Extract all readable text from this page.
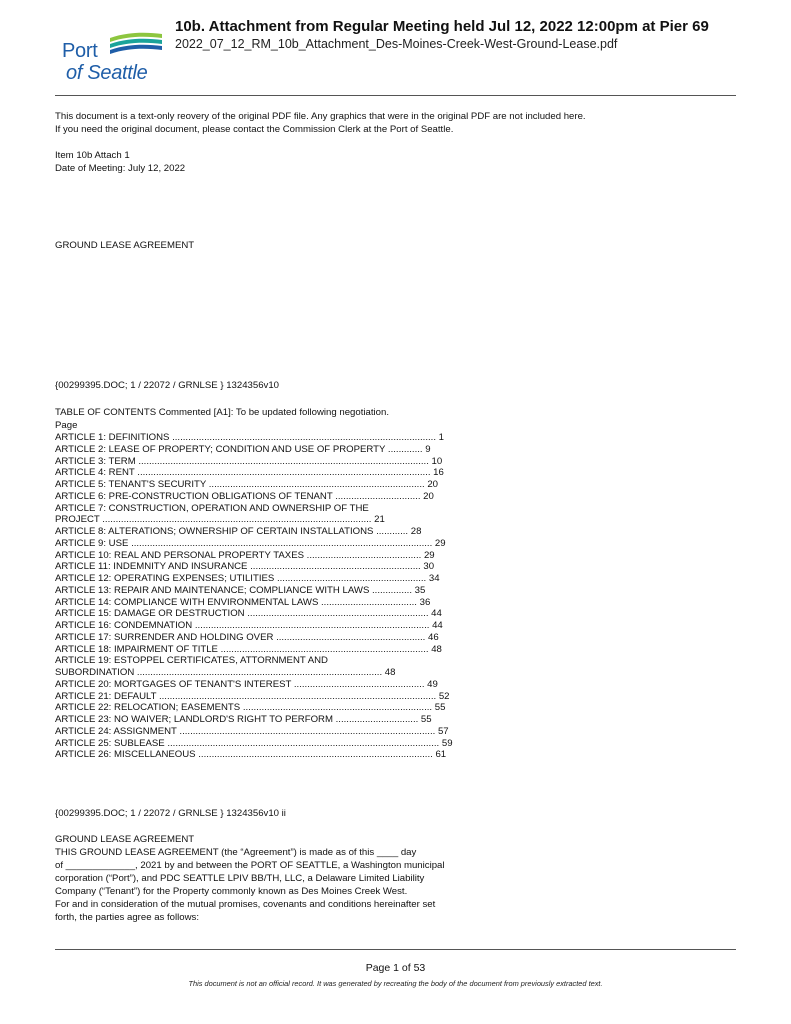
Port
of Seattle
10b. Attachment from Regular Meeting held Jul 12, 2022 12:00pm at Pier 69
2022_07_12_RM_10b_Attachment_Des-Moines-Creek-West-Ground-Lease.pdf
This document is a text-only reovery of the original PDF file. Any graphics that were in the original PDF are not included here.
If you need the original document, please contact the Commission Clerk at the Port of Seattle.
Item 10b Attach 1
Date of Meeting: July 12, 2022
GROUND LEASE AGREEMENT
{00299395.DOC; 1 / 22072 / GRNLSE } 1324356v10
TABLE OF CONTENTS Commented [A1]: To be updated following negotiation.
Page
ARTICLE 1: DEFINITIONS ................................................................................................... 1
ARTICLE 2: LEASE OF PROPERTY; CONDITION AND USE OF PROPERTY ............. 9
ARTICLE 3: TERM ............................................................................................................. 10
ARTICLE 4: RENT .............................................................................................................. 16
ARTICLE 5: TENANT'S SECURITY ................................................................................. 20
ARTICLE 6: PRE-CONSTRUCTION OBLIGATIONS OF TENANT ................................ 20
ARTICLE 7: CONSTRUCTION, OPERATION AND OWNERSHIP OF THE
PROJECT ..................................................................................................... 21
ARTICLE 8: ALTERATIONS; OWNERSHIP OF CERTAIN INSTALLATIONS ............ 28
ARTICLE 9: USE ................................................................................................................. 29
ARTICLE 10: REAL AND PERSONAL PROPERTY TAXES ........................................... 29
ARTICLE 11: INDEMNITY AND INSURANCE ................................................................ 30
ARTICLE 12: OPERATING EXPENSES; UTILITIES ........................................................ 34
ARTICLE 13: REPAIR AND MAINTENANCE; COMPLIANCE WITH LAWS ............... 35
ARTICLE 14: COMPLIANCE WITH ENVIRONMENTAL LAWS .................................... 36
ARTICLE 15: DAMAGE OR DESTRUCTION .................................................................... 44
ARTICLE 16: CONDEMNATION ........................................................................................ 44
ARTICLE 17: SURRENDER AND HOLDING OVER ........................................................ 46
ARTICLE 18: IMPAIRMENT OF TITLE .............................................................................. 48
ARTICLE 19: ESTOPPEL CERTIFICATES, ATTORNMENT AND
SUBORDINATION ............................................................................................ 48
ARTICLE 20: MORTGAGES OF TENANT'S INTEREST ................................................. 49
ARTICLE 21: DEFAULT ........................................................................................................ 52
ARTICLE 22: RELOCATION; EASEMENTS ....................................................................... 55
ARTICLE 23: NO WAIVER; LANDLORD'S RIGHT TO PERFORM ............................... 55
ARTICLE 24: ASSIGNMENT ................................................................................................ 57
ARTICLE 25: SUBLEASE ...................................................................................................... 59
ARTICLE 26: MISCELLANEOUS ........................................................................................ 61
{00299395.DOC; 1 / 22072 / GRNLSE } 1324356v10 ii
GROUND LEASE AGREEMENT
THIS GROUND LEASE AGREEMENT (the “Agreement”) is made as of this ____ day
of _____________, 2021 by and between the PORT OF SEATTLE, a Washington municipal
corporation (“Port”), and PDC SEATTLE LPIV BB/TH, LLC, a Delaware Limited Liability
Company (“Tenant”) for the Property commonly known as Des Moines Creek West.
For and in consideration of the mutual promises, covenants and conditions hereinafter set
forth, the parties agree as follows:
Page 1 of 53
This document is not an official record. It was generated by recreating the body of the document from previously extracted text.
